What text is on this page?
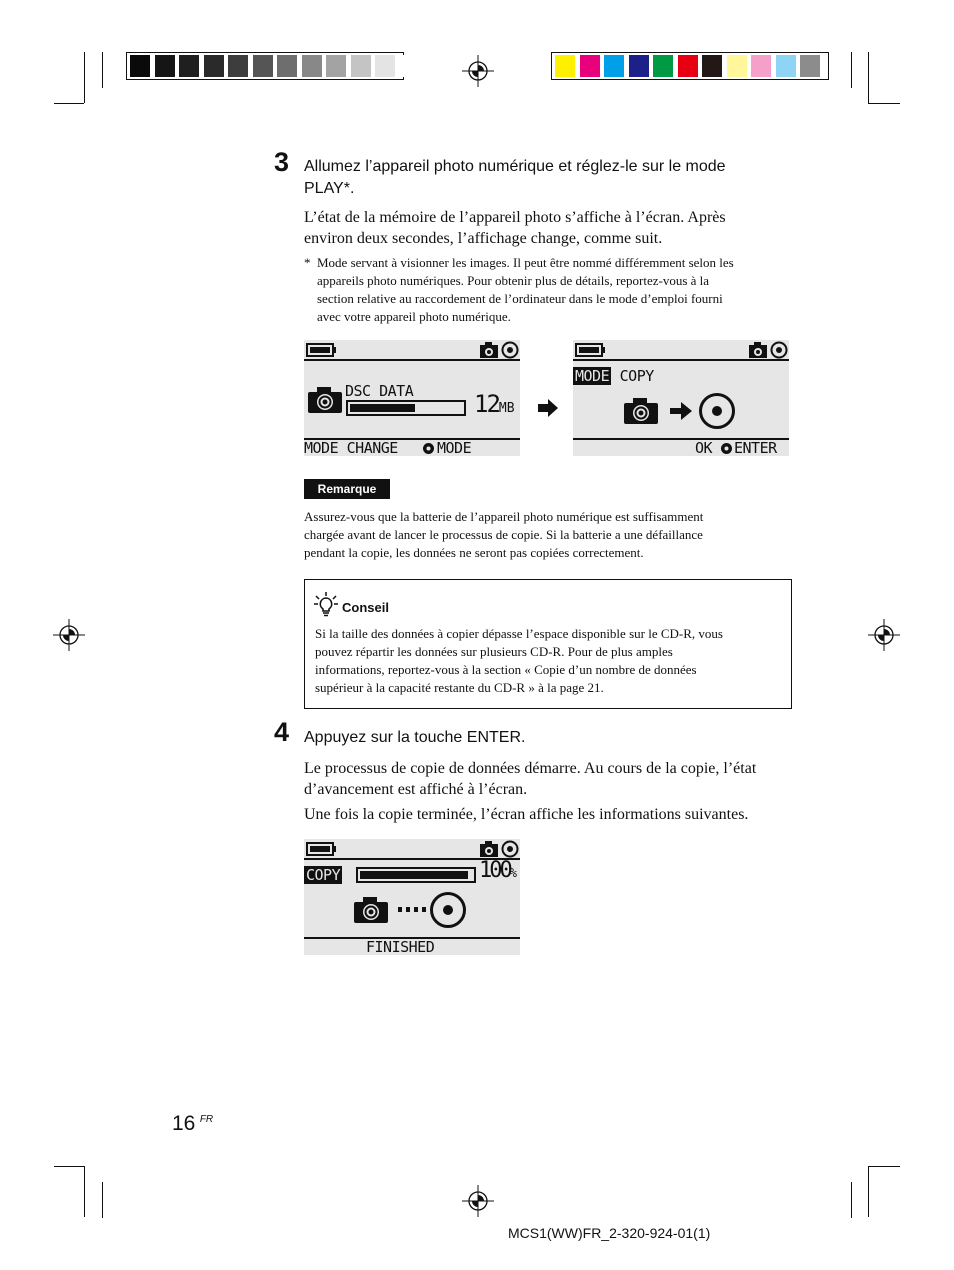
3 Allumez l’appareil photo numérique et réglez-le sur le mode
PLAY*.
L’état de la mémoire de l’appareil photo s’affiche à l’écran. Après
environ deux secondes, l’affichage change, comme suit.
* Mode servant à visionner les images. Il peut être nommé différemment selon les
appareils photo numériques. Pour obtenir plus de détails, reportez-vous à la
section relative au raccordement de l’ordinateur dans le mode d’emploi fourni
avec votre appareil photo numérique.
DSC DATA	12MB
MODE CHANGE	MODE
MODE COPY
OK ENTER
Remarque
Assurez-vous que la batterie de l’appareil photo numérique est suffisamment
chargée avant de lancer le processus de copie. Si la batterie a une défaillance
pendant la copie, les données ne seront pas copiées correctement.
Conseil
Si la taille des données à copier dépasse l’espace disponible sur le CD-R, vous
pouvez répartir les données sur plusieurs CD-R. Pour de plus amples
informations, reportez-vous à la section « Copie d’un nombre de données
supérieur à la capacité restante du CD-R » à la page 21.
4 Appuyez sur la touche ENTER.
Le processus de copie de données démarre. Au cours de la copie, l’état
d’avancement est affiché à l’écran.
Une fois la copie terminée, l’écran affiche les informations suivantes.
COPY	100%
FINISHED
16 $^{FR}$
MCS1(WW)FR_2-320-924-01(1)
